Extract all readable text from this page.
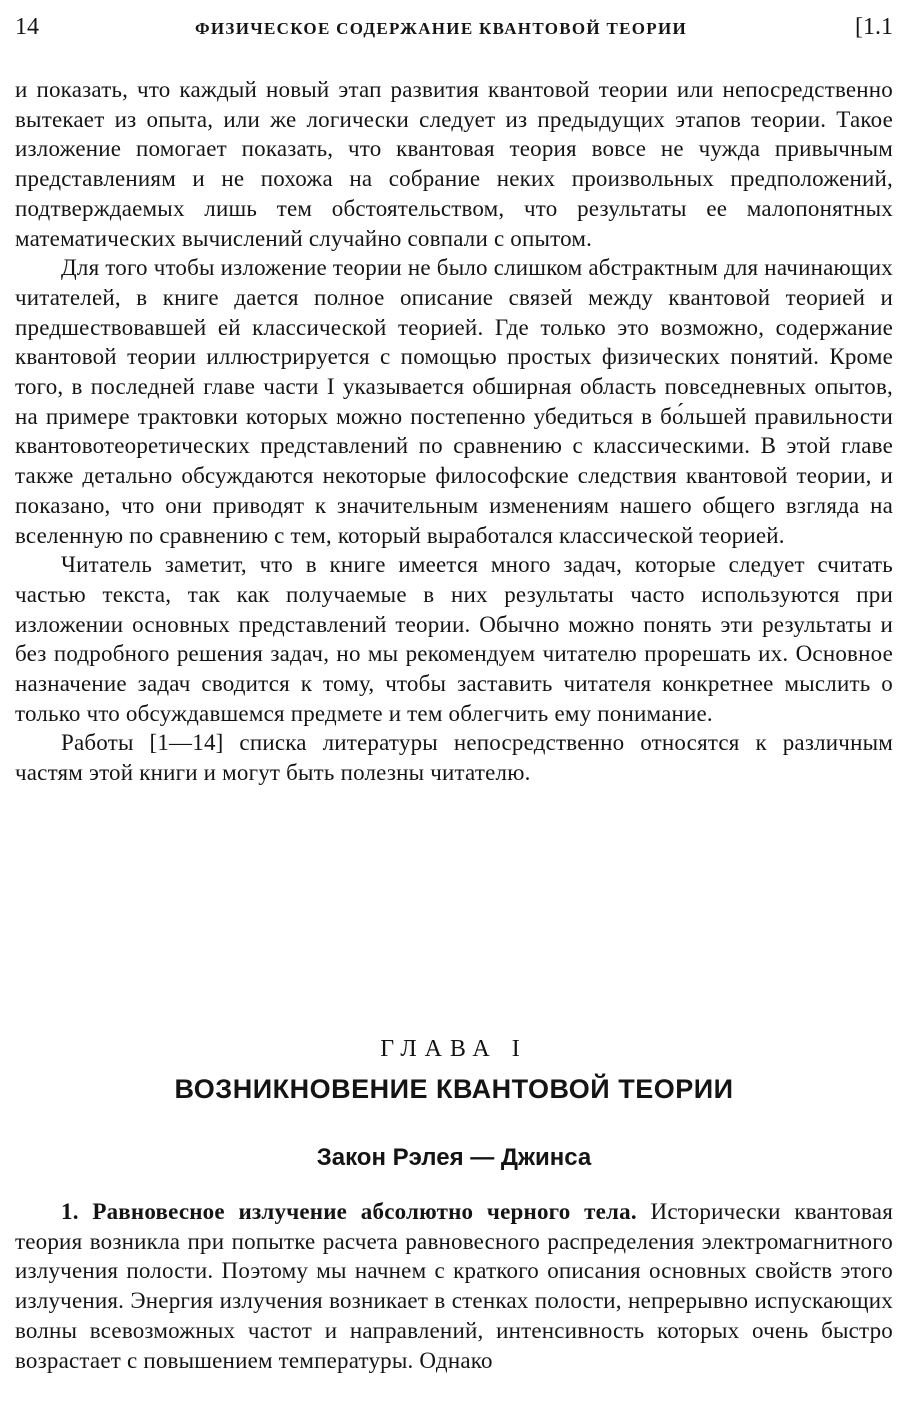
14	ФИЗИЧЕСКОЕ СОДЕРЖАНИЕ КВАНТОВОЙ ТЕОРИИ	[1.1

и показать, что каждый новый этап развития квантовой теории или непосредственно вытекает из опыта, или же логически следует из предыдущих этапов теории. Такое изложение помогает показать, что квантовая теория вовсе не чужда привычным представлениям и не похожа на собрание неких произвольных предположений, подтверждаемых лишь тем обстоятельством, что результаты ее малопонятных математических вычислений случайно совпали с опытом.

Для того чтобы изложение теории не было слишком абстрактным для начинающих читателей, в книге дается полное описание связей между квантовой теорией и предшествовавшей ей классической теорией. Где только это возможно, содержание квантовой теории иллюстрируется с помощью простых физических понятий. Кроме того, в последней главе части I указывается обширная область повседневных опытов, на примере трактовки которых можно постепенно убедиться в бо́льшей правильности квантовотеоретических представлений по сравнению с классическими. В этой главе также детально обсуждаются некоторые философские следствия квантовой теории, и показано, что они приводят к значительным изменениям нашего общего взгляда на вселенную по сравнению с тем, который выработался классической теорией.

Читатель заметит, что в книге имеется много задач, которые следует считать частью текста, так как получаемые в них результаты часто используются при изложении основных представлений теории. Обычно можно понять эти результаты и без подробного решения задач, но мы рекомендуем читателю прорешать их. Основное назначение задач сводится к тому, чтобы заставить читателя конкретнее мыслить о только что обсуждавшемся предмете и тем облегчить ему понимание.

Работы [1—14] списка литературы непосредственно относятся к различным частям этой книги и могут быть полезны читателю.

ГЛАВА I
ВОЗНИКНОВЕНИЕ КВАНТОВОЙ ТЕОРИИ
Закон Рэлея — Джинса

1. Равновесное излучение абсолютно черного тела. Исторически квантовая теория возникла при попытке расчета равновесного распределения электромагнитного излучения полости. Поэтому мы начнем с краткого описания основных свойств этого излучения. Энергия излучения возникает в стенках полости, непрерывно испускающих волны всевозможных частот и направлений, интенсивность которых очень быстро возрастает с повышением температуры. Однако
